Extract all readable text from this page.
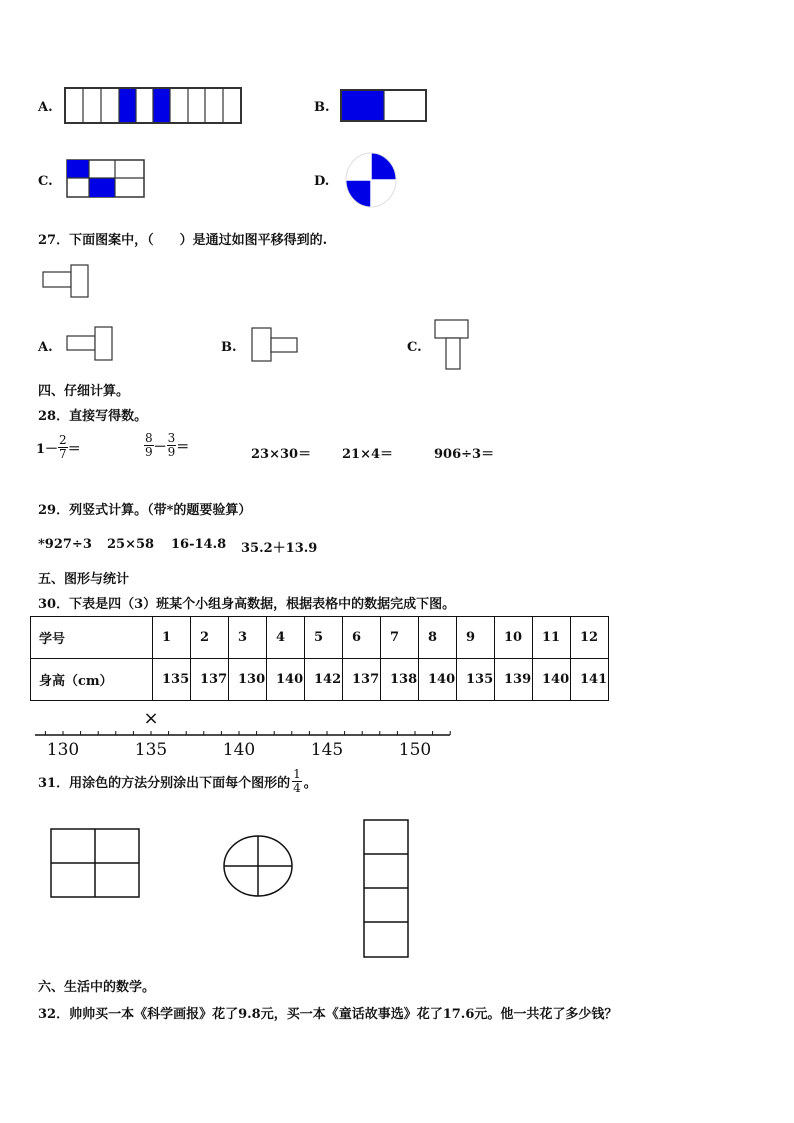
A.	B.
C.	D.
27．下面图案中，（　　）是通过如图平移得到的.
A.	B.	C.
四、仔细计算。
28．直接写得数。
$1- \frac{2}{7}$ ＝	$\frac{8}{9} - \frac{3}{9}$ ＝	23×30＝ 21×4＝	906÷3＝
29．列竖式计算。（带*的题要验算）
*927÷3 25×58 16-14.8 35.2＋13.9
五、图形与统计
30．下表是四（3）班某个小组身高数据，根据表格中的数据完成下图。
学号	1	2	3	4	5	6	7	8	9	10	11	12
身高（cm）	135	137	130	140	142	137	138	140	135	139	140	141
130	135	140	145	150
×
31．用涂色的方法分别涂出下面每个图形的 $\frac{1}{4}$ 。
六、生活中的数学。
32．帅帅买一本《科学画报》花了9.8元，买一本《童话故事选》花了17.6元。他一共花了多少钱？
